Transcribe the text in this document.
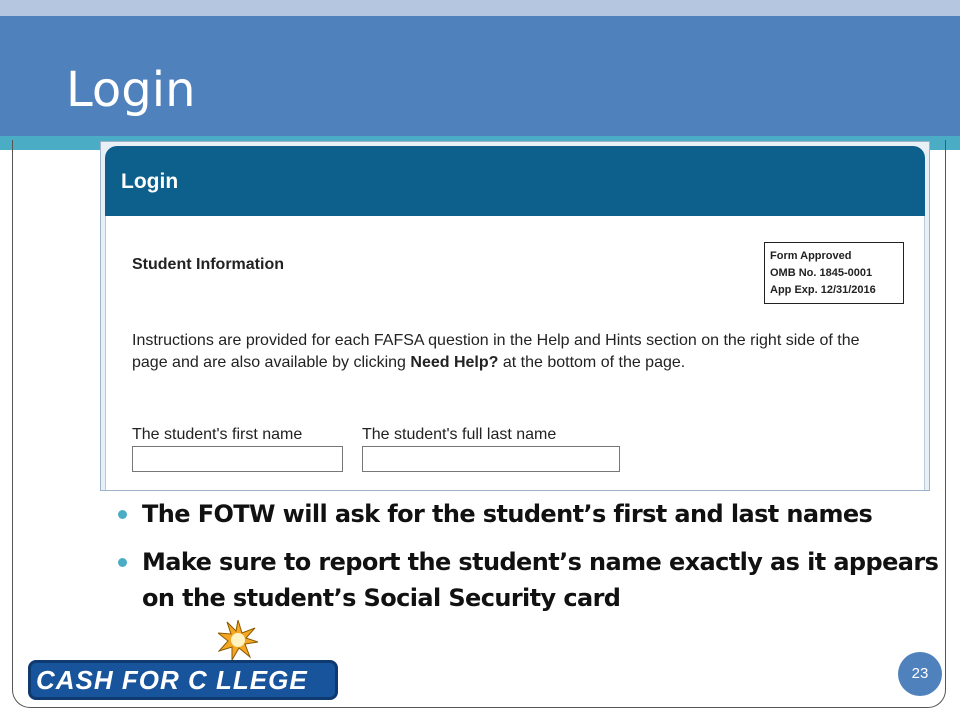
Login
Login
Student Information	Form Approved
OMB No. 1845-0001
App Exp. 12/31/2016
Instructions are provided for each FAFSA question in the Help and Hints section on the right side of the page and are also available by clicking Need Help? at the bottom of the page.
The student's first name	The student's full last name
The FOTW will ask for the student’s first and last names
Make sure to report the student’s name exactly as it appears on the student’s Social Security card
CASH FOR C LLEGE	23
